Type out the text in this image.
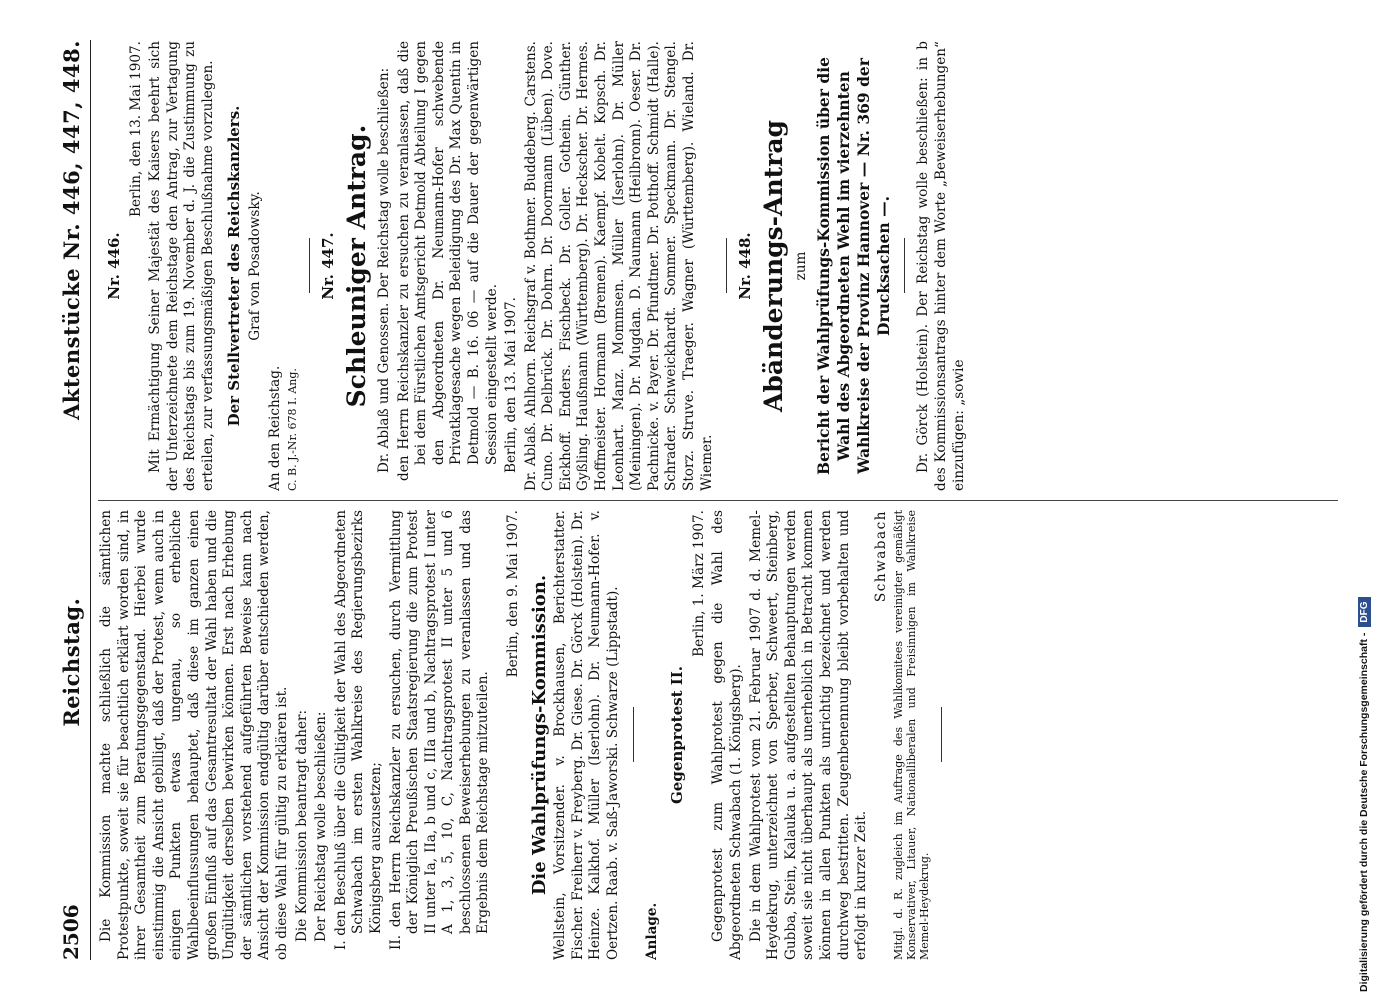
2506
Reichstag.
Aktenstücke Nr. 446, 447, 448.

Die Kommission machte schließlich die sämtlichen Protestpunkte, soweit sie für beachtlich erklärt worden sind, in ihrer Gesamtheit zum Beratungsgegenstand. Hierbei wurde einstimmig die Ansicht gebilligt, daß der Protest, wenn auch in einigen Punkten etwas ungenau, so erhebliche Wahlbeeinflussungen behauptet, daß diese im ganzen einen großen Einfluß auf das Gesamtresultat der Wahl haben und die Ungültigkeit derselben bewirken können. Erst nach Erhebung der sämtlichen vorstehend aufgeführten Beweise kann nach Ansicht der Kommission endgültig darüber entschieden werden, ob diese Wahl für gültig zu erklären ist. Die Kommission beantragt daher: Der Reichstag wolle beschließen: I. den Beschluß über die Gültigkeit der Wahl des Abgeordneten Schwabach im ersten Wahlkreise des Regierungsbezirks Königsberg auszusetzen; II. den Herrn Reichskanzler zu ersuchen, durch Vermittlung der Königlich Preußischen Staatsregierung die zum Protest II unter Ia, IIa, b und c, IIIa und b, Nachtragsprotest I unter A 1, 3, 5, 10, C, Nachtragsprotest II unter 5 und 6 beschlossenen Beweiserhebungen zu veranlassen und das Ergebnis dem Reichstage mitzuteilen.

Berlin, den 9. Mai 1907. Die Wahlprüfungs-Kommission. Wellstein, Vorsitzender. v. Brockhausen, Berichterstatter. Fischer. Freiherr v. Freyberg. Dr. Giese. Dr. Görck (Holstein). Dr. Heinze. Kalkhof. Müller (Iserlohn). Dr. Neumann-Hofer. v. Oertzen. Raab. v. Saß-Jaworski. Schwarze (Lippstadt). Anlage.

Gegenprotest II.

Berlin, 1. März 1907. Gegenprotest zum Wahlprotest gegen die Wahl des Abgeordneten Schwabach (1. Königsberg). Die in dem Wahlprotest vom 21. Februar 1907 d. d. Memel-Heydekrug, unterzeichnet von Sperber, Schweert, Steinberg, Gubba, Stein, Kalauka u. a. aufgestellten Behauptungen werden soweit sie nicht überhaupt als unerheblich in Betracht kommen können in allen Punkten als unrichtig bezeichnet und werden durchweg bestritten. Zeugenbenennung bleibt vorbehalten und erfolgt in kurzer Zeit.

Schwabach Mitgl. d. R. zugleich im Auftrage des Wahlkomitees vereinigter gemäßigt Konservativer, Litauer, Nationalliberalen und Freisinnigen im Wahlkreise Memel-Heydekrug.

Nr. 446.

Berlin, den 13. Mai 1907. Mit Ermächtigung Seiner Majestät des Kaisers beehrt sich der Unterzeichnete dem Reichstage den Antrag, zur Vertagung des Reichstags bis zum 19. November d. J. die Zustimmung zu erteilen, zur verfassungsmäßigen Beschlußnahme vorzulegen. Der Stellvertreter des Reichskanzlers. Graf von Posadowsky.

An den Reichstag. C. B. J.-Nr. 678 I. Ang.

Nr. 447. Schleuniger Antrag. Dr. Ablaß und Genossen. Der Reichstag wolle beschließen: den Herrn Reichskanzler zu ersuchen zu veranlassen, daß die bei dem Fürstlichen Amtsgericht Detmold Abteilung I gegen den Abgeordneten Dr. Neumann-Hofer schwebende Privatklagesache wegen Beleidigung des Dr. Max Quentin in Detmold — B. 16. 06 — auf die Dauer der gegenwärtigen Session eingestellt werde. Berlin, den 13. Mai 1907. Dr. Ablaß. Ahlhorn. Reichsgraf v. Bothmer. Buddeberg. Carstens. Cuno. Dr. Delbrück. Dr. Dohrn. Dr. Doormann (Lüben). Dove. Eickhoff. Enders. Fischbeck. Dr. Goller. Gothein. Günther. Gyßling. Haußmann (Württemberg). Dr. Heckscher. Dr. Hermes. Hoffmeister. Hormann (Bremen). Kaempf. Kobelt. Kopsch. Dr. Leonhart. Manz. Mommsen. Müller (Iserlohn). Dr. Müller (Meiningen). Dr. Mugdan. D. Naumann (Heilbronn). Oeser. Dr. Pachnicke. v. Payer. Dr. Pfundtner. Dr. Potthoff. Schmidt (Halle). Schrader. Schweickhardt. Sommer. Speckmann. Dr. Stengel. Storz. Struve. Traeger. Wagner (Württemberg). Wieland. Dr. Wiemer.

Nr. 448. Abänderungs-Antrag zum Bericht der Wahlprüfungs-Kommission über die Wahl des Abgeordneten Wehl im vierzehnten Wahlkreise der Provinz Hannover — Nr. 369 der Drucksachen —. Dr. Görck (Holstein). Der Reichstag wolle beschließen: in b des Kommissionsantrags hinter dem Worte „Beweiserhebungen“ einzufügen: „sowie

Digitalisierung gefördert durch die Deutsche Forschungsgemeinschaft -
DFG
